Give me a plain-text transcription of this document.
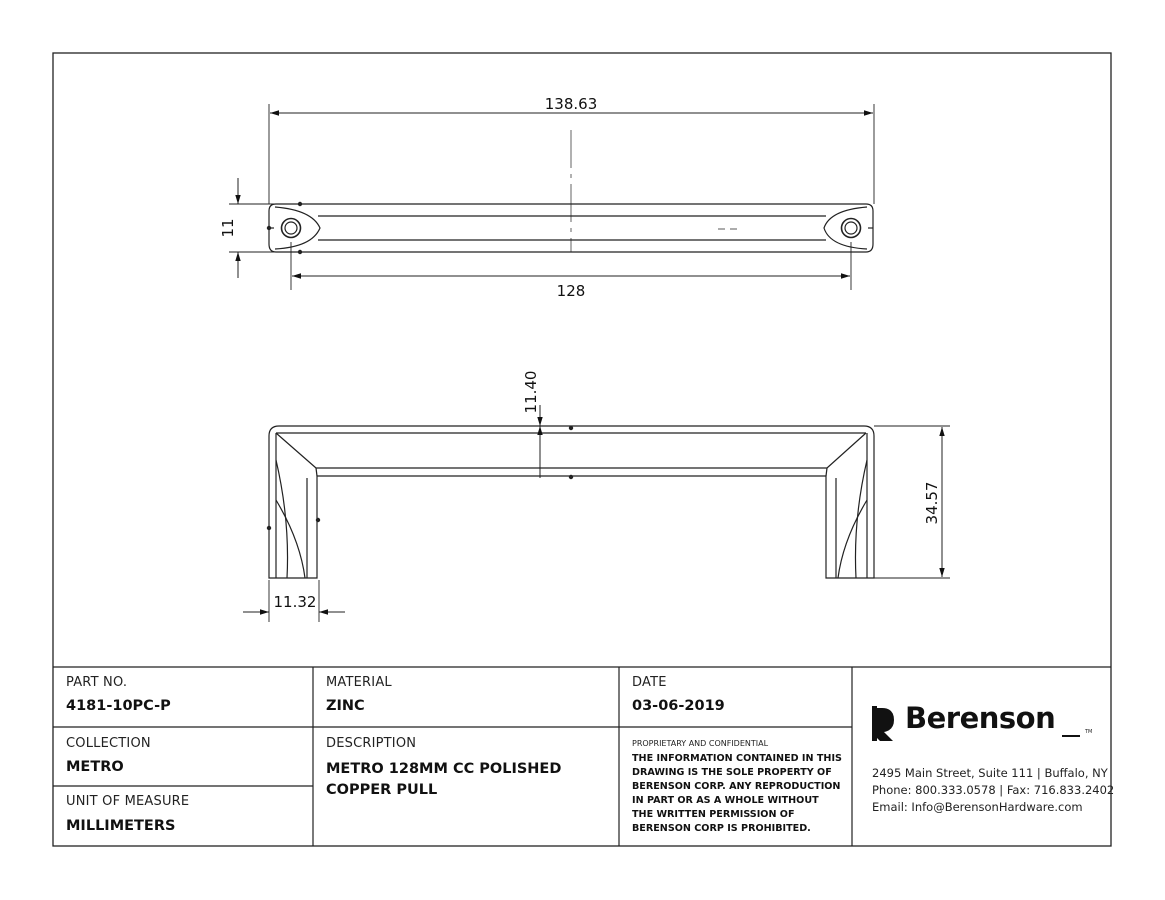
138.63
128
11
11.40
34.57
11.32
PART NO.
4181-10PC-P
COLLECTION
METRO
UNIT OF MEASURE
MILLIMETERS
MATERIAL
ZINC
DESCRIPTION
METRO 128MM CC POLISHED COPPER PULL
DATE
03-06-2019
PROPRIETARY AND CONFIDENTIAL
THE INFORMATION CONTAINED IN THIS DRAWING IS THE SOLE PROPERTY OF BERENSON CORP. ANY REPRODUCTION IN PART OR AS A WHOLE WITHOUT THE WRITTEN PERMISSION OF BERENSON CORP IS PROHIBITED.
Berenson	TM
2495 Main Street, Suite 111 | Buffalo, NY
Phone: 800.333.0578 | Fax: 716.833.2402
Email: Info@BerensonHardware.com
